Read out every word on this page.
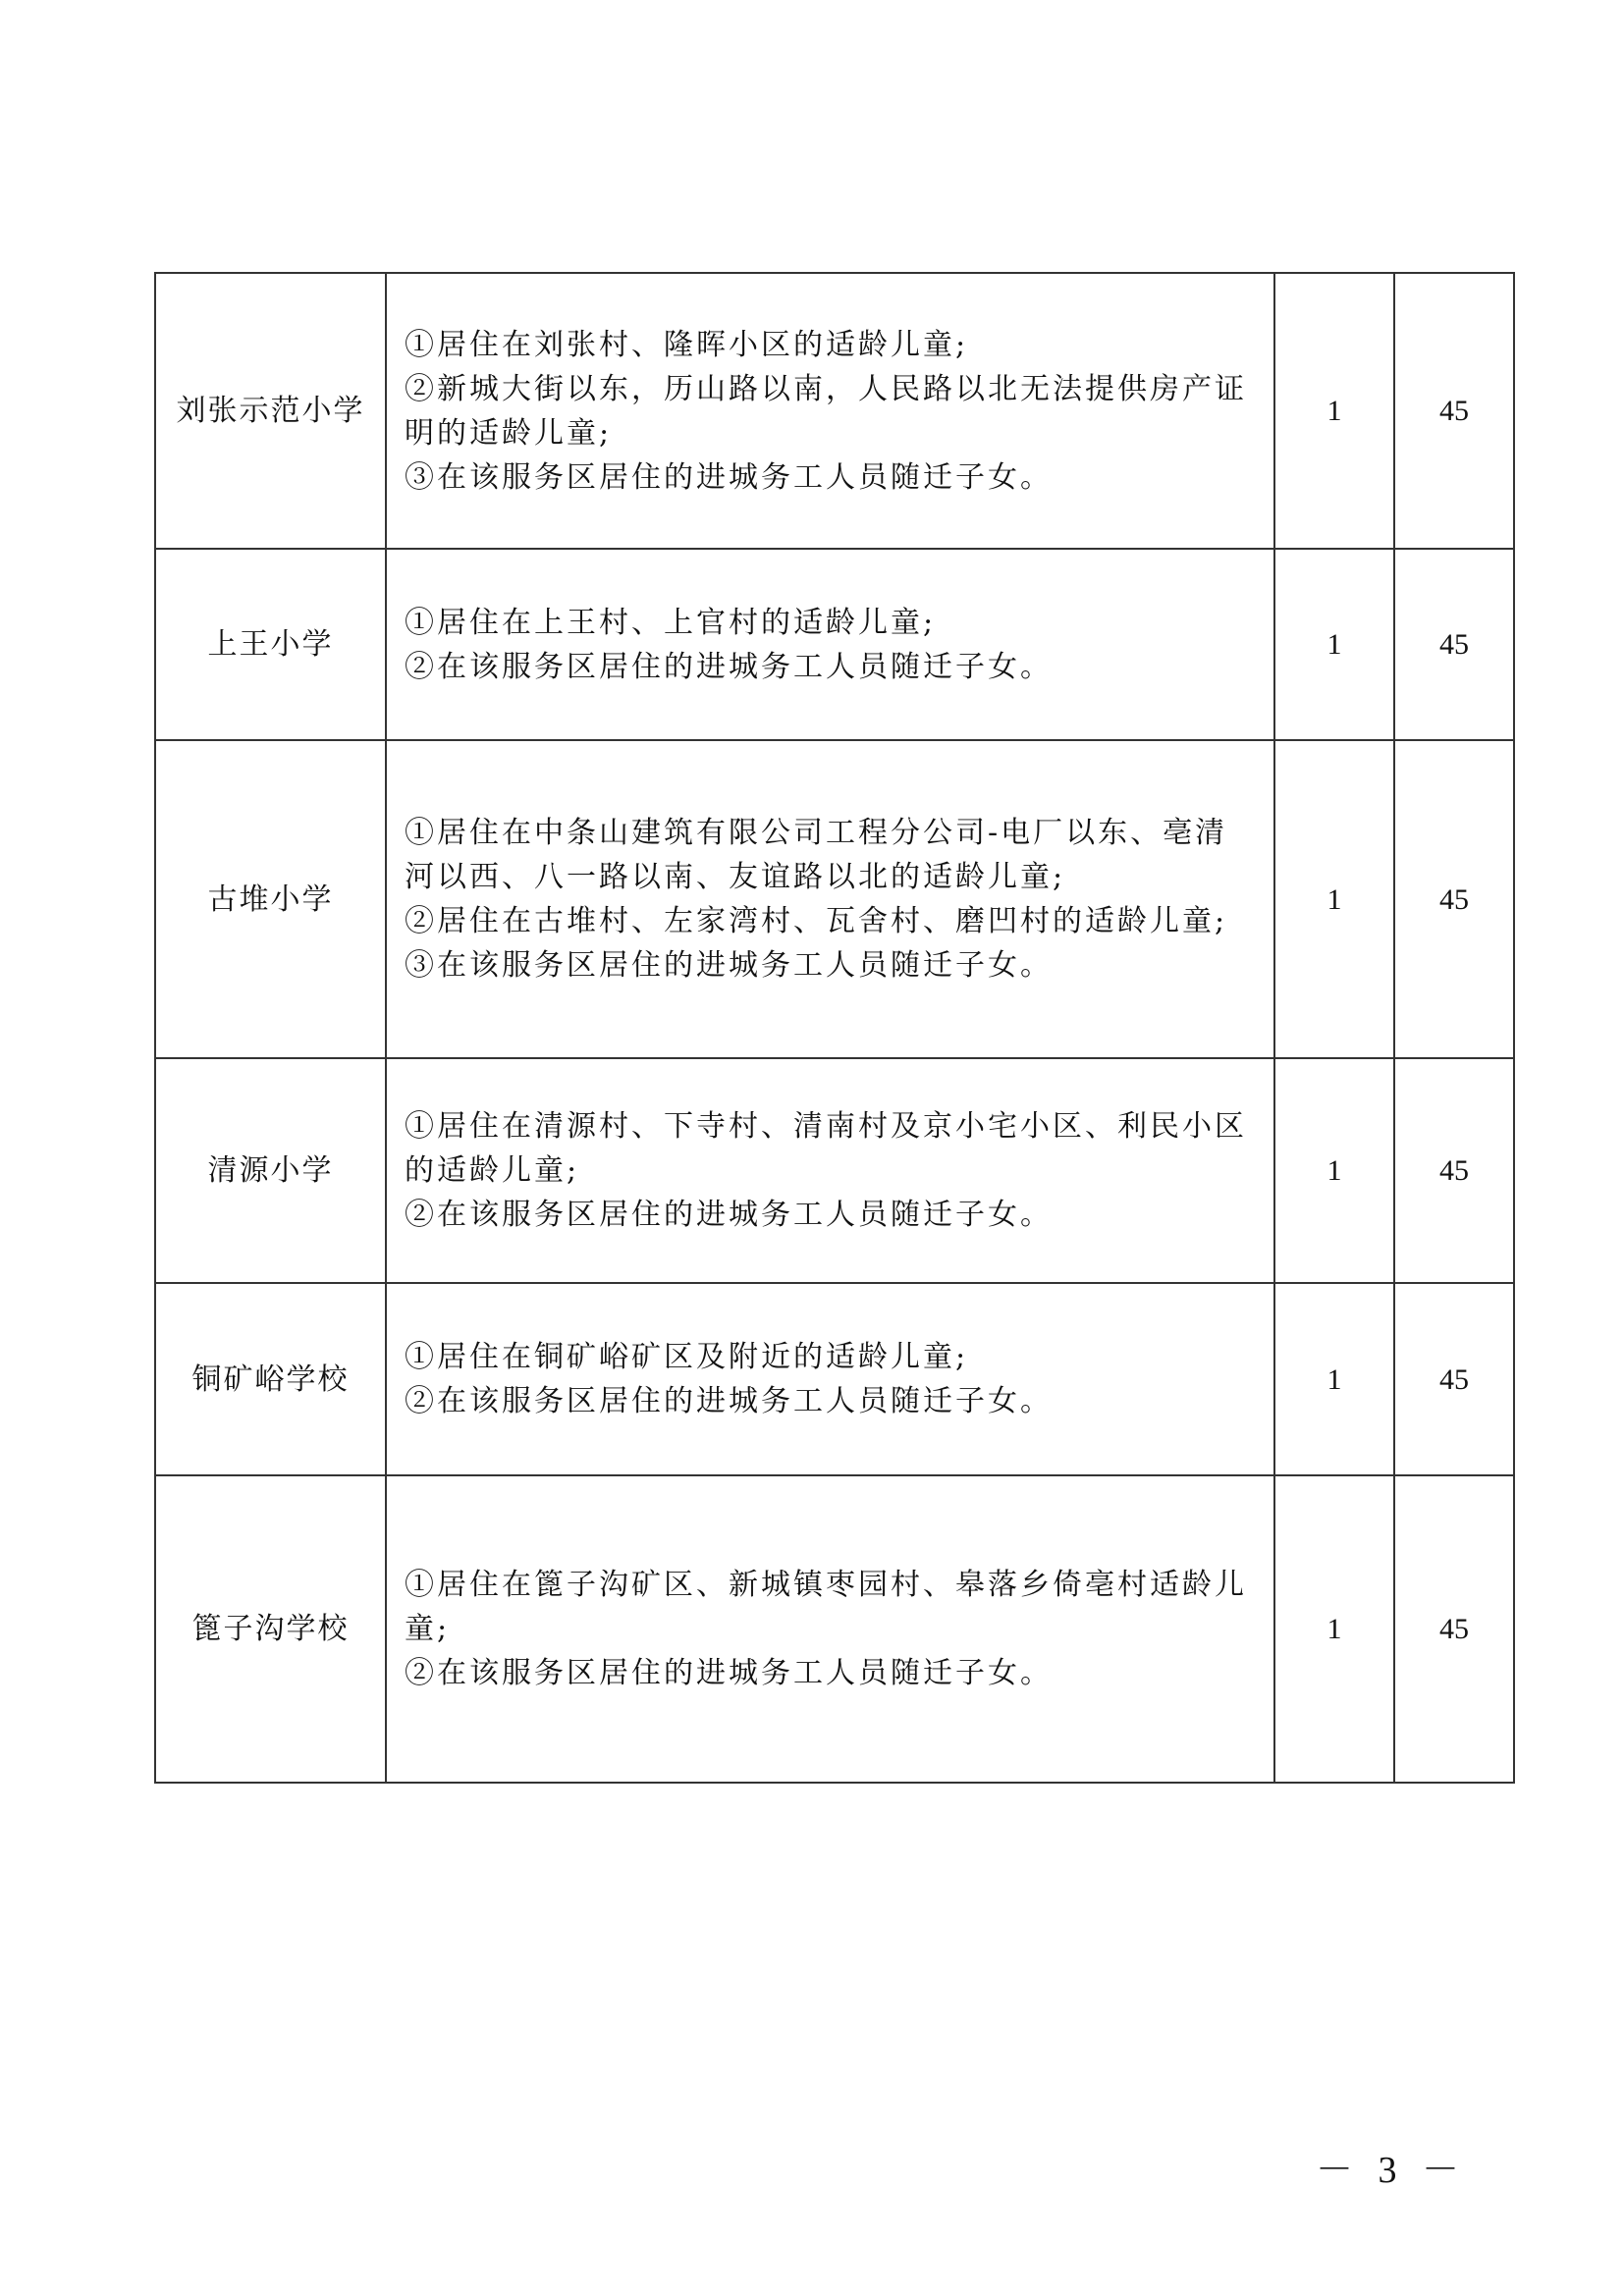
刘张示范小学	①居住在刘张村、隆晖小区的适龄儿童;
②新城大街以东，历山路以南，人民路以北无法提供房产证明的适龄儿童;
③在该服务区居住的进城务工人员随迁子女。	1	45
上王小学	①居住在上王村、上官村的适龄儿童;
②在该服务区居住的进城务工人员随迁子女。	1	45
古堆小学	①居住在中条山建筑有限公司工程分公司-电厂以东、亳清河以西、八一路以南、友谊路以北的适龄儿童;
②居住在古堆村、左家湾村、瓦舍村、磨凹村的适龄儿童;
③在该服务区居住的进城务工人员随迁子女。	1	45
清源小学	①居住在清源村、下寺村、清南村及京小宅小区、利民小区的适龄儿童;
②在该服务区居住的进城务工人员随迁子女。	1	45
铜矿峪学校	①居住在铜矿峪矿区及附近的适龄儿童;
②在该服务区居住的进城务工人员随迁子女。	1	45
篦子沟学校	①居住在篦子沟矿区、新城镇枣园村、皋落乡倚亳村适龄儿童;
②在该服务区居住的进城务工人员随迁子女。	1	45
－ 3 －
